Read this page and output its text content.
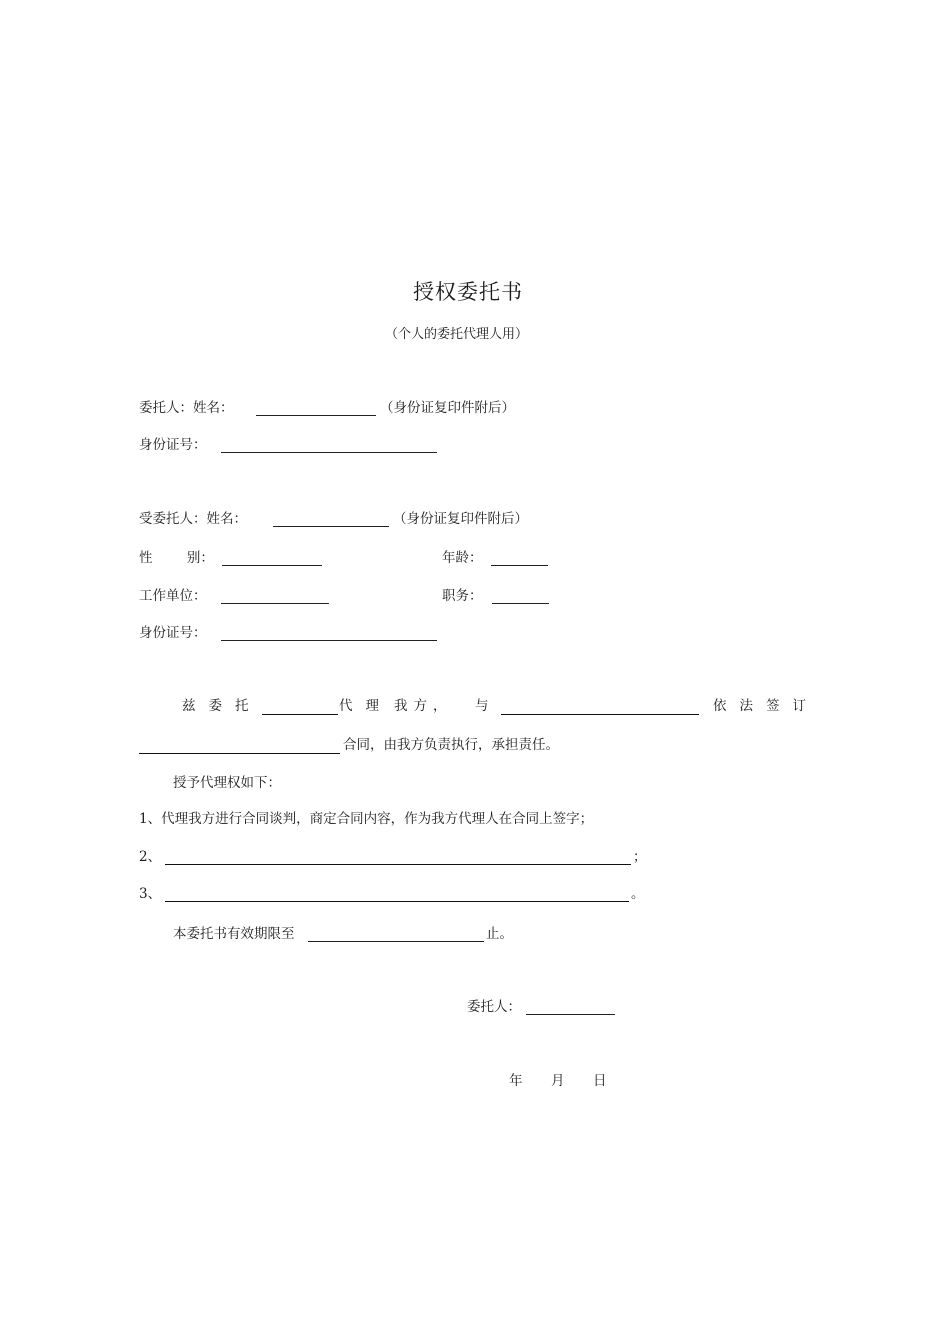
授权委托书
（个人的委托代理人用）
委托人：姓名：	（身份证复印件附后）
身份证号：
受委托人：姓名：	（身份证复印件附后）
性        别：	年龄：
工作单位：	职务：
身份证号：
兹委托	代理 我方， 与	依法签订
合同，由我方负责执行，承担责任。
授予代理权如下：
1、代理我方进行合同谈判，商定合同内容，作为我方代理人在合同上签字；
2、	；
3、	。
本委托书有效期限至	止。
委托人：
年 月 日
